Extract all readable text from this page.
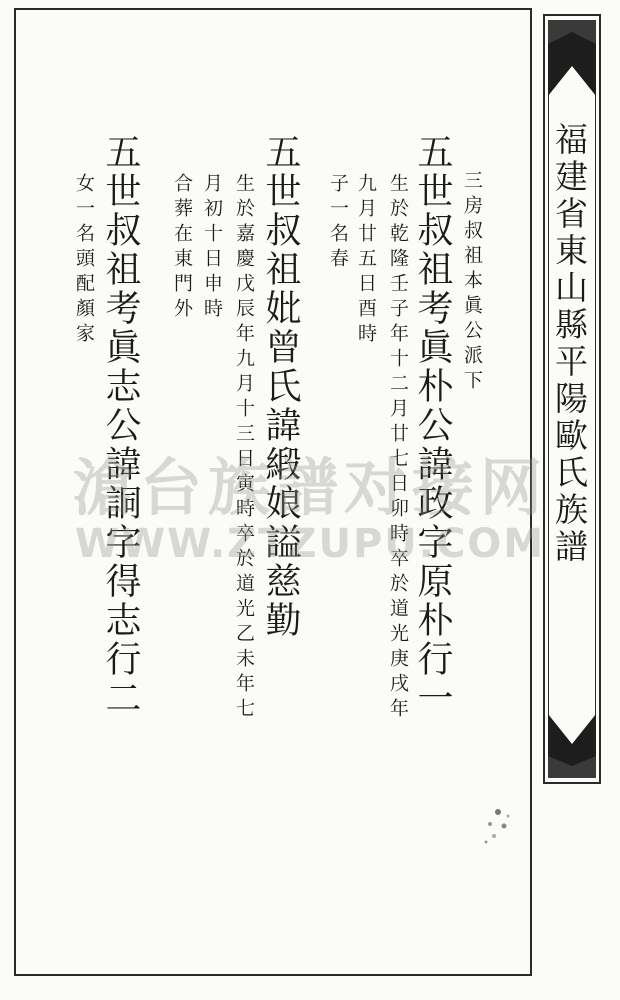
福建省東山縣平陽歐氏族譜
三房叔祖本眞公派下
五世叔祖考眞朴公諱政字原朴行一
生於乾隆壬子年十二月廿七日卯時卒於道光庚戌年
九月廿五日酉時
子一名春
五世叔祖妣曾氏諱緞娘謚慈勤
生於嘉慶戊辰年九月十三日寅時卒於道光乙未年七
月初十日申時
合葬在東門外
五世叔祖考眞志公諱詷字得志行二
女一名頭配顏家
滄台族譜对接网
WWW.ZTZUPU.COM
